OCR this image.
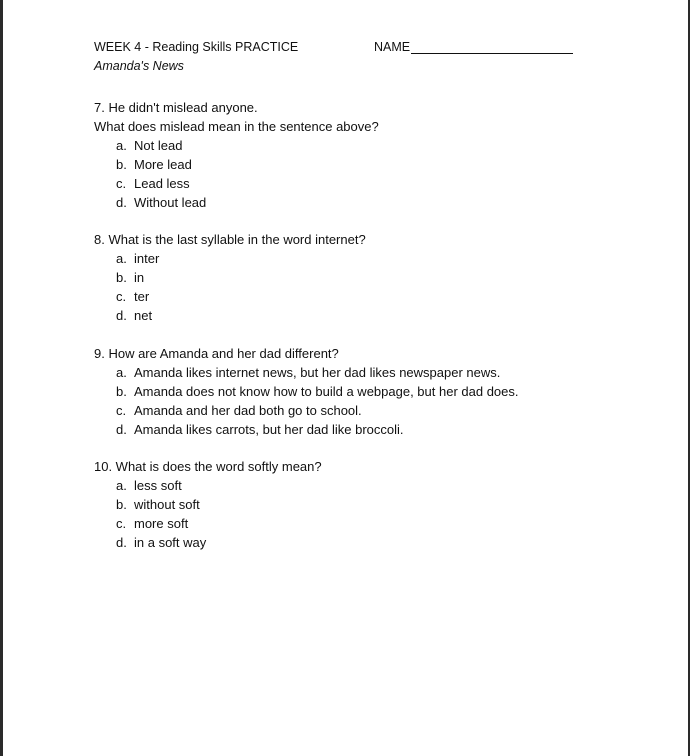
WEEK 4 - Reading Skills PRACTICE	NAME
Amanda's News
7. He didn't mislead anyone.
What does mislead mean in the sentence above?
a. Not lead
b. More lead
c. Lead less
d. Without lead
8. What is the last syllable in the word internet?
a. inter
b. in
c. ter
d. net
9. How are Amanda and her dad different?
a. Amanda likes internet news, but her dad likes newspaper news.
b. Amanda does not know how to build a webpage, but her dad does.
c. Amanda and her dad both go to school.
d. Amanda likes carrots, but her dad like broccoli.
10. What is does the word softly mean?
a. less soft
b. without soft
c. more soft
d. in a soft way
